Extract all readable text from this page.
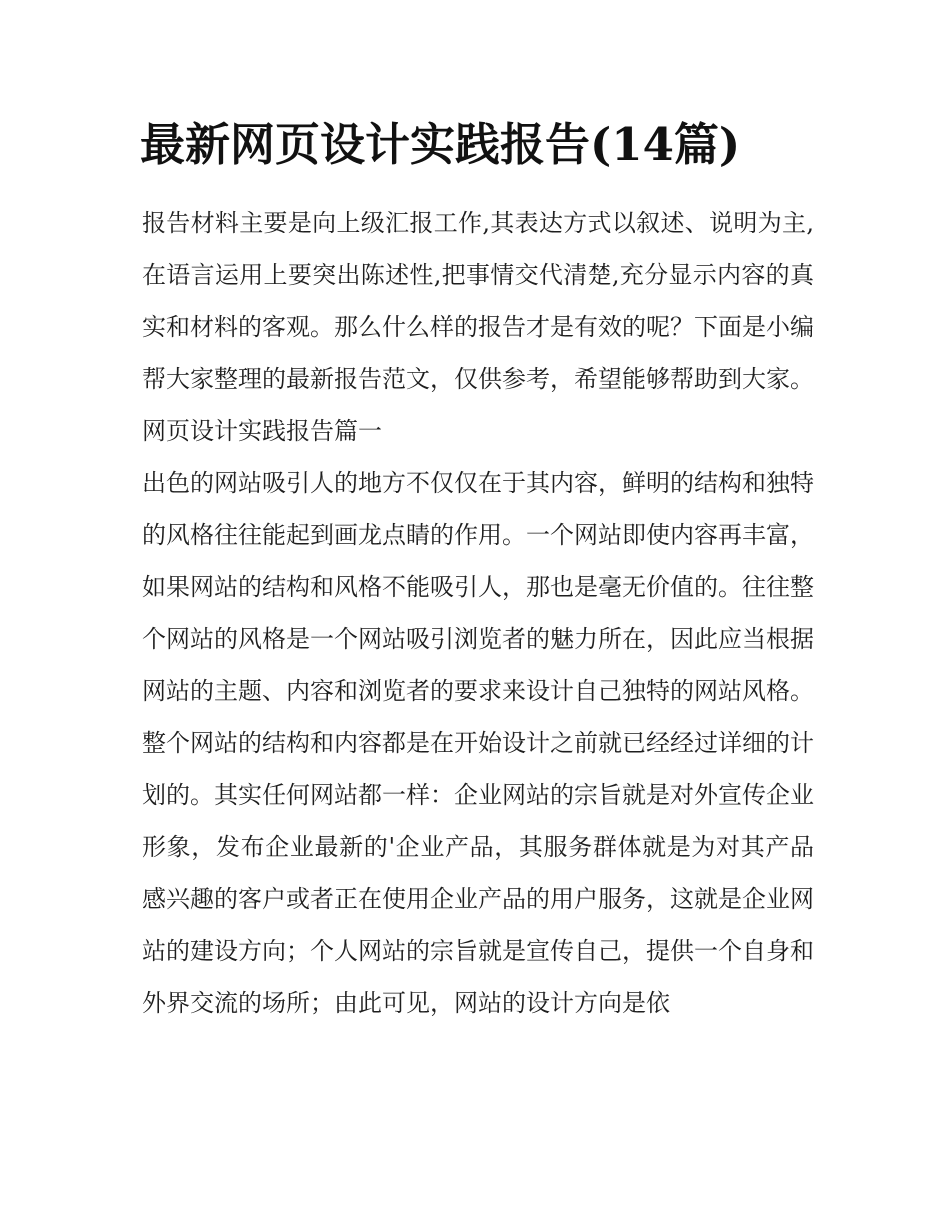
最新网页设计实践报告(14篇)

报告材料主要是向上级汇报工作,其表达方式以叙述、说明为主,在语言运用上要突出陈述性,把事情交代清楚,充分显示内容的真实和材料的客观。那么什么样的报告才是有效的呢？下面是小编帮大家整理的最新报告范文，仅供参考，希望能够帮助到大家。

网页设计实践报告篇一

出色的网站吸引人的地方不仅仅在于其内容，鲜明的结构和独特的风格往往能起到画龙点睛的作用。一个网站即使内容再丰富，如果网站的结构和风格不能吸引人，那也是毫无价值的。往往整个网站的风格是一个网站吸引浏览者的魅力所在，因此应当根据网站的主题、内容和浏览者的要求来设计自己独特的网站风格。

整个网站的结构和内容都是在开始设计之前就已经经过详细的计划的。其实任何网站都一样：企业网站的宗旨就是对外宣传企业形象，发布企业最新的'企业产品，其服务群体就是为对其产品感兴趣的客户或者正在使用企业产品的用户服务，这就是企业网站的建设方向；个人网站的宗旨就是宣传自己，提供一个自身和外界交流的场所；由此可见，网站的设计方向是依
